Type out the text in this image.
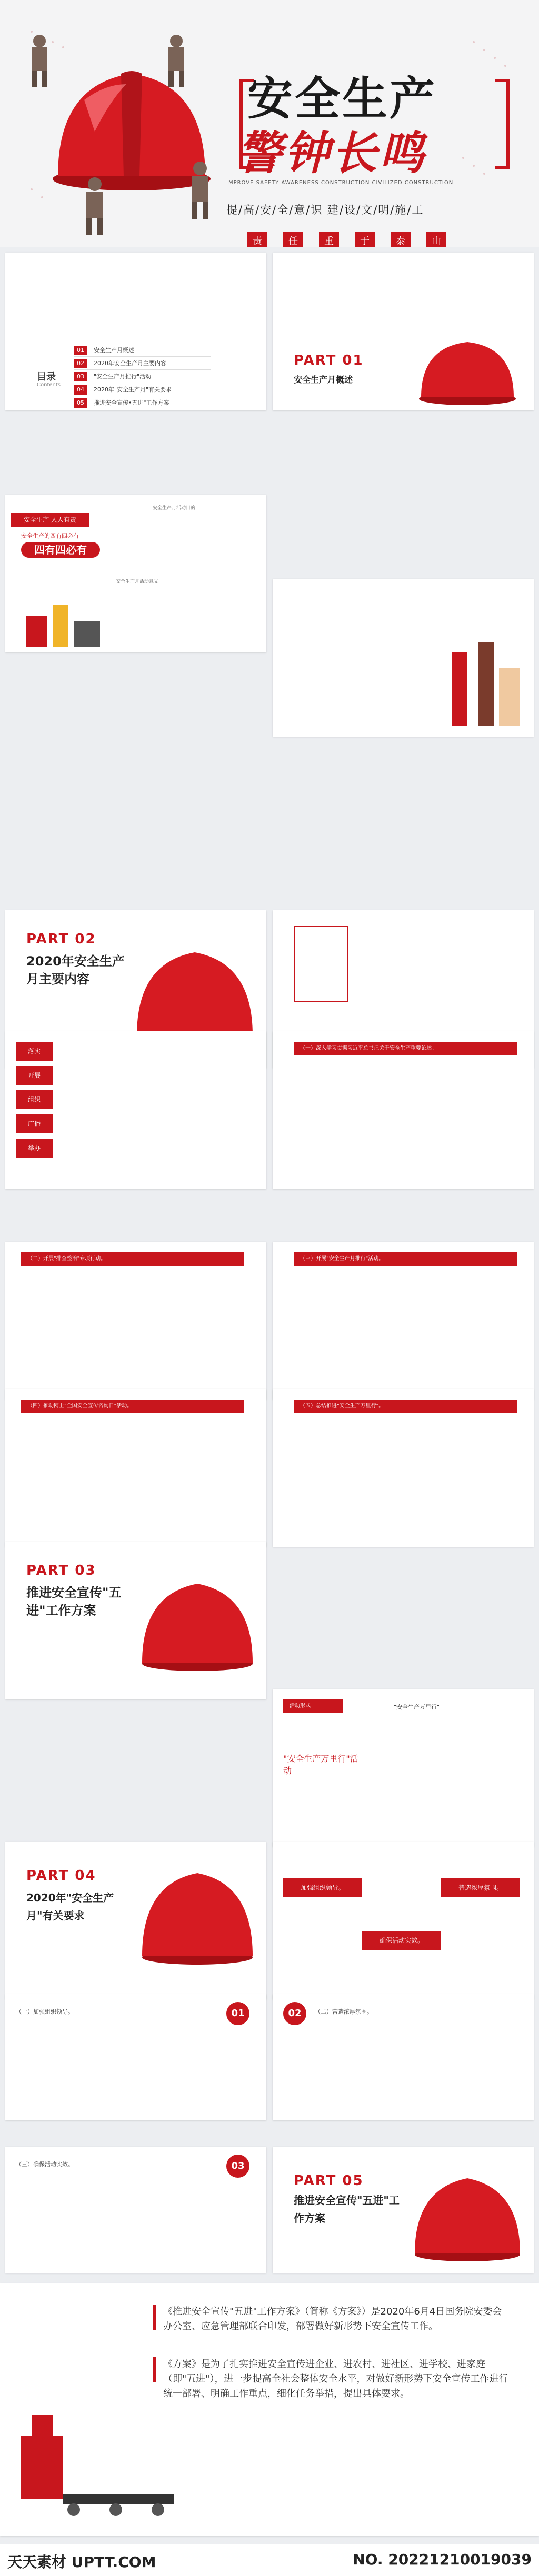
安全生产
警钟长鸣
IMPROVE SAFETY AWARENESS CONSTRUCTION CIVILIZED CONSTRUCTION
提/高/安/全/意/识 建/设/文/明/施/工
责	任	重	于	泰	山
目录
Contents
01 安全生产月概述
02 2020年安全生产月主要内容
03 "安全生产月推行"活动
04 2020年"安全生产月"有关要求
05 推进安全宣传•五进"工作方案
PART 01
安全生产月概述
安全生产 人人有责
安全生产的四有四必有
四有四必有
安全生产月活动目的
安全生产月活动意义
PART 02
2020年安全生产月主要内容
落实
开展
组织
广播
举办
（一）深入学习贯彻习近平总书记关于安全生产重要论述。
（二）开展"排查整治"专项行动。	（三）开展"安全生产月推行"活动。
（四）推动网上"全国安全宣传咨询日"活动。	（五）总结推进"安全生产万里行"。
PART 03
推进安全宣传"五进"工作方案
活动形式	"安全生产万里行"
"安全生产万里行"活动
PART 04
2020年"安全生产月"有关要求
加强组织领导。	普造浓厚氛围。
确保活动实效。
（一）加强组织领导。	01	（二）营造浓厚氛围。
02
（三）确保活动实效。	03
PART 05
推进安全宣传"五进"工作方案
《推进安全宣传"五进"工作方案》（简称《方案》）是2020年6月4日国务院安委会办公室、应急管理部联合印发，部署做好新形势下安全宣传工作。
《方案》是为了扎实推进安全宣传进企业、进农村、进社区、进学校、进家庭（即"五进"），进一步提高全社会整体安全水平，对做好新形势下安全宣传工作进行统一部署、明确工作重点，细化任务举措，提出具体要求。
天天素材 UPTT.COM	NO. 20221210019039
